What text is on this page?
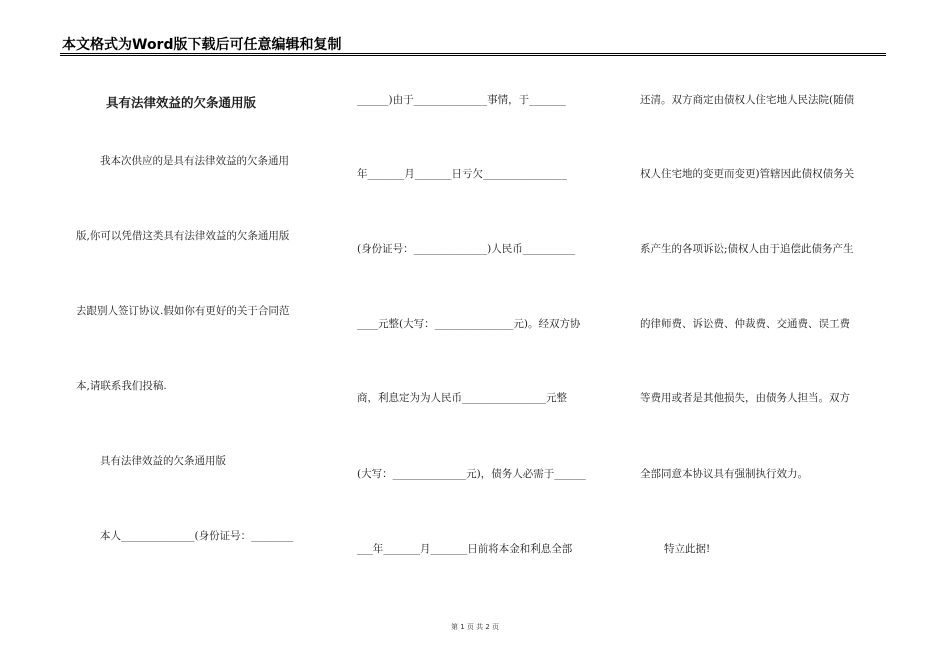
本文格式为Word版下载后可任意编辑和复制
具有法律效益的欠条通用版
我本次供应的是具有法律效益的欠条通用
版,你可以凭借这类具有法律效益的欠条通用版
去跟别人签订协议.假如你有更好的关于合同范
本,请联系我们投稿.
具有法律效益的欠条通用版
本人______________(身份证号：________
______)由于______________事情，于_______
年_______月_______日亏欠________________
(身份证号：______________)人民币__________
____元整(大写：_______________元)。经双方协
商，利息定为为人民币________________元整
(大写：______________元)，债务人必需于______
___年_______月_______日前将本金和利息全部
还清。双方商定由债权人住宅地人民法院(随债
权人住宅地的变更而变更)管辖因此债权债务关
系产生的各项诉讼;债权人由于追偿此债务产生
的律师费、诉讼费、仲裁费、交通费、误工费
等费用或者是其他损失，由债务人担当。双方
全部同意本协议具有强制执行效力。
特立此据!
第 1 页 共 2 页
